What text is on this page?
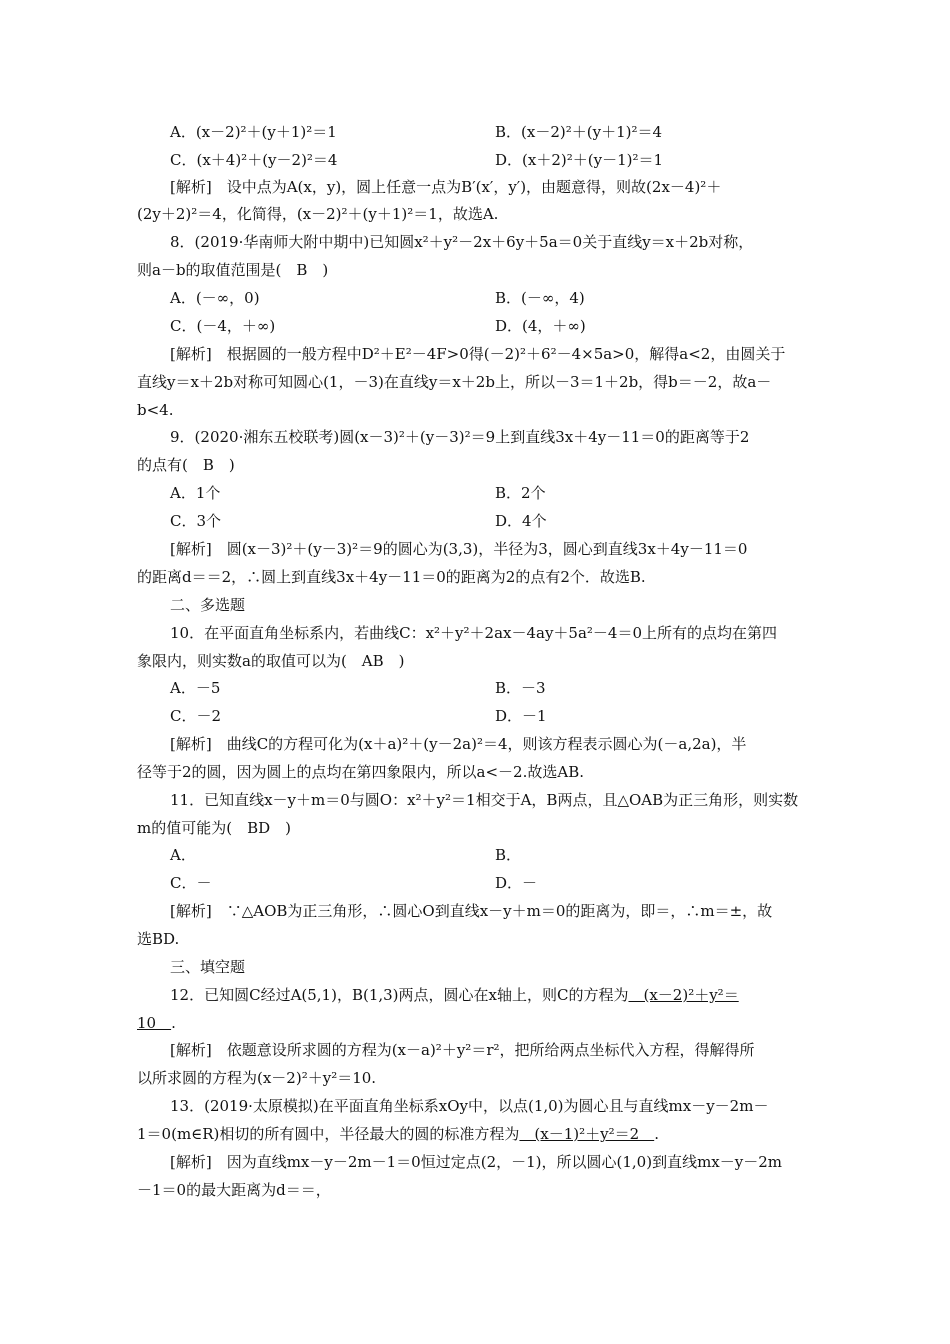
A．(x－2)²＋(y＋1)²＝1	B．(x－2)²＋(y＋1)²＝4
C．(x＋4)²＋(y－2)²＝4	D．(x＋2)²＋(y－1)²＝1
[解析]　设中点为A(x，y)，圆上任意一点为B′(x′，y′)，由题意得，则故(2x－4)²＋
(2y＋2)²＝4，化简得，(x－2)²＋(y＋1)²＝1，故选A.
8．(2019·华南师大附中期中)已知圆x²＋y²－2x＋6y＋5a＝0关于直线y＝x＋2b对称，
则a－b的取值范围是(　B　)
A．(－∞，0)	B．(－∞，4)
C．(－4，＋∞)	D．(4，＋∞)
[解析]　根据圆的一般方程中D²＋E²－4F>0得(－2)²＋6²－4×5a>0，解得a<2，由圆关于
直线y＝x＋2b对称可知圆心(1，－3)在直线y＝x＋2b上，所以－3＝1＋2b，得b＝－2，故a－
b<4.
9．(2020·湘东五校联考)圆(x－3)²＋(y－3)²＝9上到直线3x＋4y－11＝0的距离等于2
的点有(　B　)
A．1个	B．2个
C．3个	D．4个
[解析]　圆(x－3)²＋(y－3)²＝9的圆心为(3,3)，半径为3，圆心到直线3x＋4y－11＝0
的距离d＝＝2，∴圆上到直线3x＋4y－11＝0的距离为2的点有2个．故选B.
二、多选题
10．在平面直角坐标系内，若曲线C：x²＋y²＋2ax－4ay＋5a²－4＝0上所有的点均在第四
象限内，则实数a的取值可以为(　AB　)
A．－5	B．－3
C．－2	D．－1
[解析]　曲线C的方程可化为(x＋a)²＋(y－2a)²＝4，则该方程表示圆心为(－a,2a)，半
径等于2的圆，因为圆上的点均在第四象限内，所以a<－2.故选AB.
11．已知直线x－y＋m＝0与圆O：x²＋y²＝1相交于A，B两点，且△OAB为正三角形，则实数
m的值可能为(　BD　)
A．	B．
C．－	D．－
[解析]　∵△AOB为正三角形，∴圆心O到直线x－y＋m＝0的距离为，即＝，∴m＝±，故
选BD.
三、填空题
12．已知圆C经过A(5,1)，B(1,3)两点，圆心在x轴上，则C的方程为　(x－2)²＋y²＝
10　.
[解析]　依题意设所求圆的方程为(x－a)²＋y²＝r²，把所给两点坐标代入方程，得解得所
以所求圆的方程为(x－2)²＋y²＝10.
13．(2019·太原模拟)在平面直角坐标系xOy中，以点(1,0)为圆心且与直线mx－y－2m－
1＝0(m∈R)相切的所有圆中，半径最大的圆的标准方程为　(x－1)²＋y²＝2　.
[解析]　因为直线mx－y－2m－1＝0恒过定点(2，－1)，所以圆心(1,0)到直线mx－y－2m
－1＝0的最大距离为d＝＝，
